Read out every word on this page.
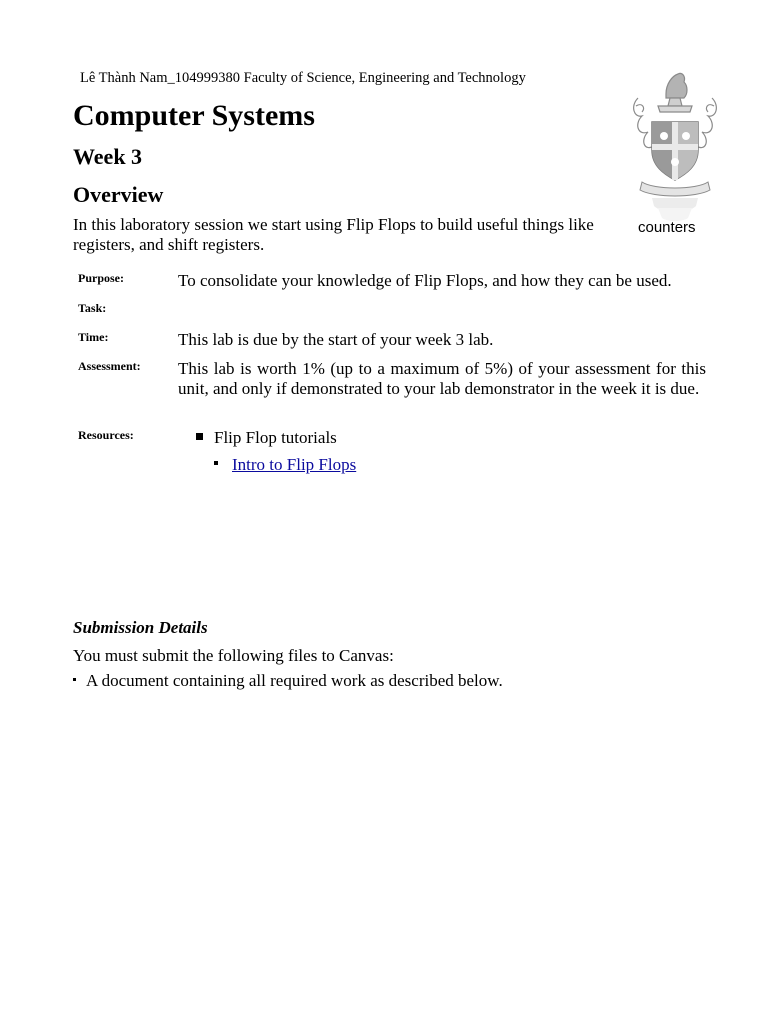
Lê Thành Nam_104999380 Faculty of Science, Engineering and Technology
Computer Systems
Week 3
Overview
In this laboratory session we start using Flip Flops to build useful things like registers, and shift registers.
counters
Purpose:	To consolidate your knowledge of Flip Flops, and how they can be used.
Task:
Time:	This lab is due by the start of your week 3 lab.
Assessment: This lab is worth 1% (up to a maximum of 5%) of your assessment for this unit, and only if demonstrated to your lab demonstrator in the week it is due.
Resources:	Flip Flop tutorials
Intro to Flip Flops
Submission Details
You must submit the following files to Canvas:
A document containing all required work as described below.
